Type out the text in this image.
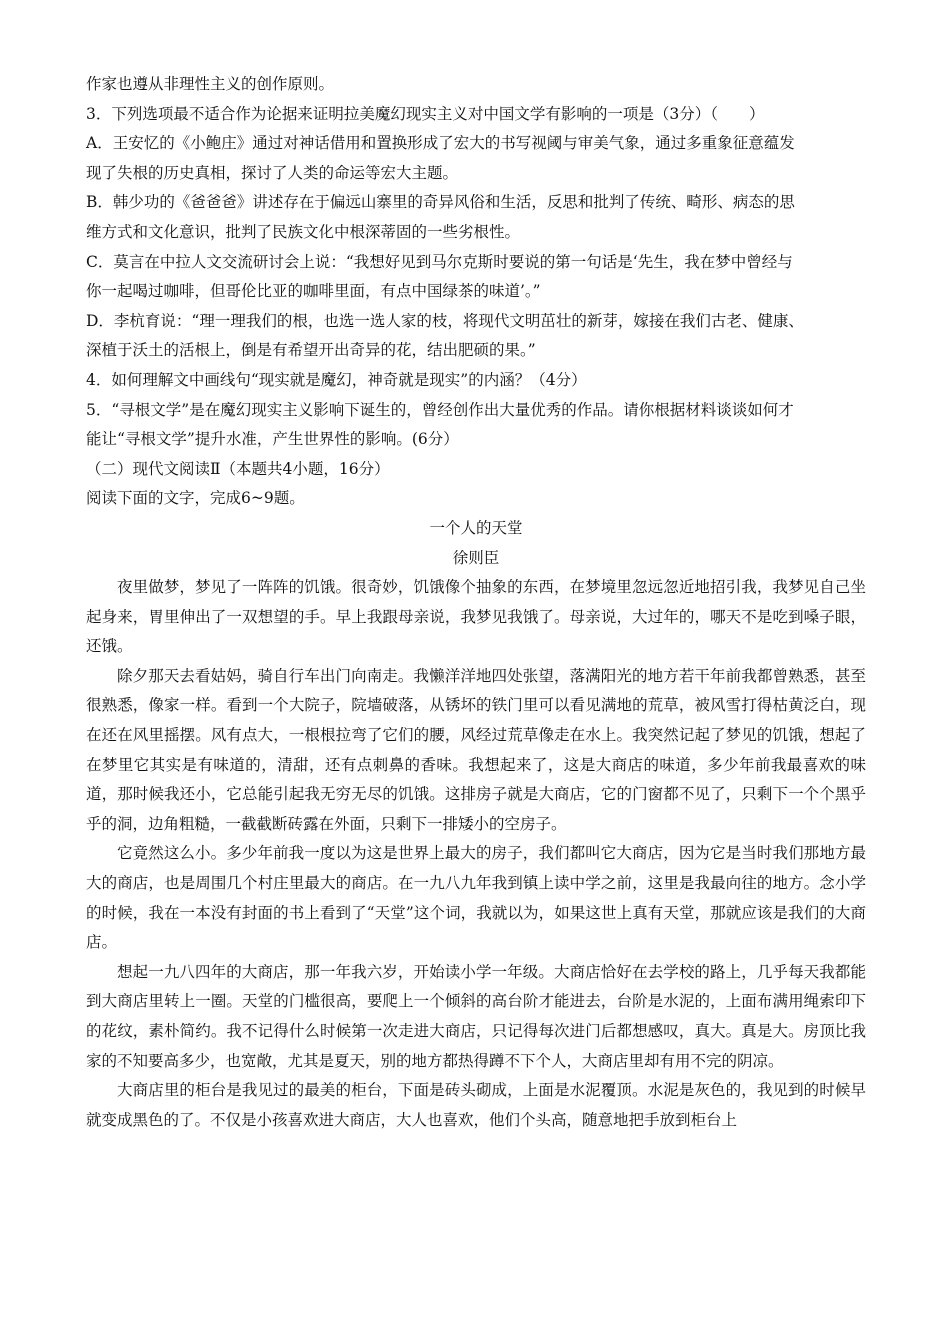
作家也遵从非理性主义的创作原则。

3．下列选项最不适合作为论据来证明拉美魔幻现实主义对中国文学有影响的一项是（3分）（　　）

A．王安忆的《小鲍庄》通过对神话借用和置换形成了宏大的书写视阈与审美气象，通过多重象征意蕴发

现了失根的历史真相，探讨了人类的命运等宏大主题。

B．韩少功的《爸爸爸》讲述存在于偏远山寨里的奇异风俗和生活，反思和批判了传统、畸形、病态的思

维方式和文化意识，批判了民族文化中根深蒂固的一些劣根性。

C．莫言在中拉人文交流研讨会上说：“我想好见到马尔克斯时要说的第一句话是‘先生，我在梦中曾经与

你一起喝过咖啡，但哥伦比亚的咖啡里面，有点中国绿茶的味道’。”

D．李杭育说：“理一理我们的根，也选一选人家的枝，将现代文明茁壮的新芽，嫁接在我们古老、健康、

深植于沃土的活根上，倒是有希望开出奇异的花，结出肥硕的果。”

4．如何理解文中画线句“现实就是魔幻，神奇就是现实”的内涵？（4分）

5．“寻根文学”是在魔幻现实主义影响下诞生的，曾经创作出大量优秀的作品。请你根据材料谈谈如何才

能让“寻根文学”提升水准，产生世界性的影响。(6分）

（二）现代文阅读Ⅱ（本题共4小题，16分）

阅读下面的文字，完成6~9题。

一个人的天堂

徐则臣

夜里做梦，梦见了一阵阵的饥饿。很奇妙，饥饿像个抽象的东西，在梦境里忽远忽近地招引我，我梦见自己坐起身来，胃里伸出了一双想望的手。早上我跟母亲说，我梦见我饿了。母亲说，大过年的，哪天不是吃到嗓子眼，还饿。

除夕那天去看姑妈，骑自行车出门向南走。我懒洋洋地四处张望，落满阳光的地方若干年前我都曾熟悉，甚至很熟悉，像家一样。看到一个大院子，院墙破落，从锈坏的铁门里可以看见满地的荒草，被风雪打得枯黄泛白，现在还在风里摇摆。风有点大，一根根拉弯了它们的腰，风经过荒草像走在水上。我突然记起了梦见的饥饿，想起了在梦里它其实是有味道的，清甜，还有点刺鼻的香味。我想起来了，这是大商店的味道，多少年前我最喜欢的味道，那时候我还小，它总能引起我无穷无尽的饥饿。这排房子就是大商店，它的门窗都不见了，只剩下一个个黑乎乎的洞，边角粗糙，一截截断砖露在外面，只剩下一排矮小的空房子。

它竟然这么小。多少年前我一度以为这是世界上最大的房子，我们都叫它大商店，因为它是当时我们那地方最大的商店，也是周围几个村庄里最大的商店。在一九八九年我到镇上读中学之前，这里是我最向往的地方。念小学的时候，我在一本没有封面的书上看到了“天堂”这个词，我就以为，如果这世上真有天堂，那就应该是我们的大商店。

想起一九八四年的大商店，那一年我六岁，开始读小学一年级。大商店恰好在去学校的路上，几乎每天我都能到大商店里转上一圈。天堂的门槛很高，要爬上一个倾斜的高台阶才能进去，台阶是水泥的，上面布满用绳索印下的花纹，素朴简约。我不记得什么时候第一次走进大商店，只记得每次进门后都想感叹，真大。真是大。房顶比我家的不知要高多少，也宽敞，尤其是夏天，别的地方都热得蹲不下个人，大商店里却有用不完的阴凉。

大商店里的柜台是我见过的最美的柜台，下面是砖头砌成，上面是水泥覆顶。水泥是灰色的，我见到的时候早就变成黑色的了。不仅是小孩喜欢进大商店，大人也喜欢，他们个头高，随意地把手放到柜台上
